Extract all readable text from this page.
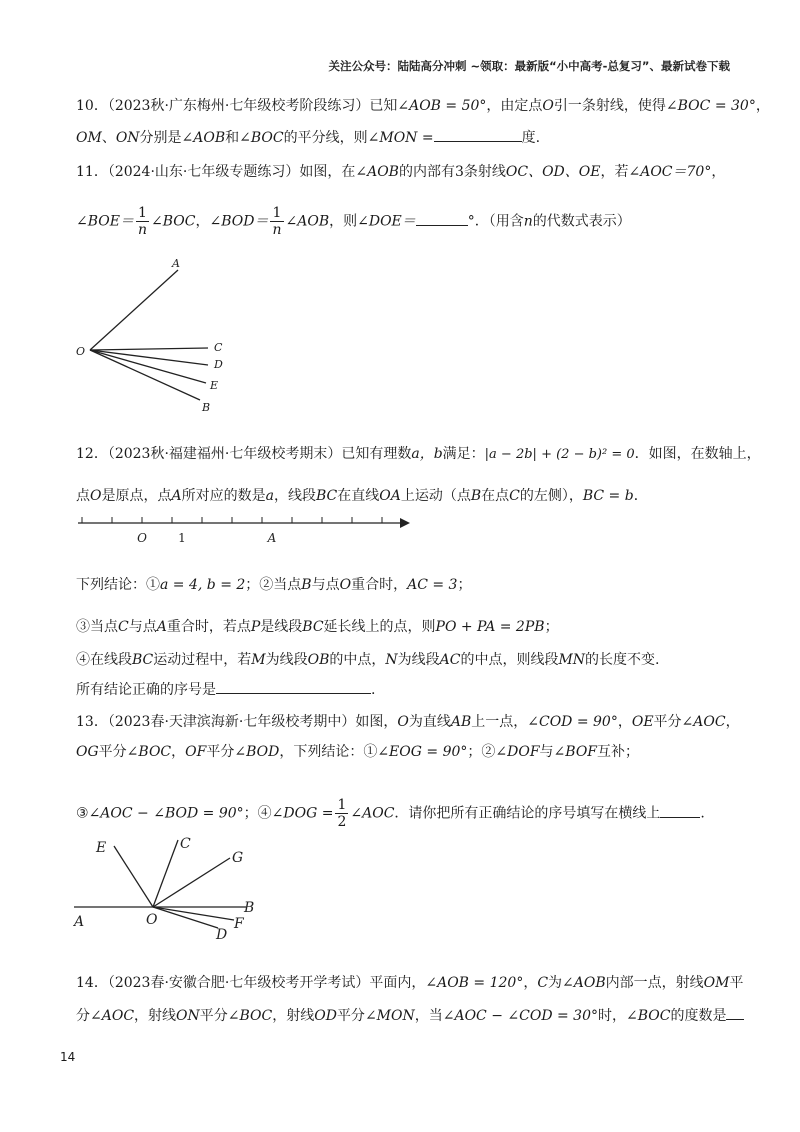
关注公众号：陆陆高分冲刺 ~领取：最新版“小中高考-总复习”、最新试卷下载
10．（2023秋·广东梅州·七年级校考阶段练习）已知∠AOB = 50°，由定点O引一条射线，使得∠BOC = 30°，
OM、ON分别是∠AOB和∠BOC的平分线，则∠MON =	度.
11．（2024·山东·七年级专题练习）如图，在∠AOB的内部有3条射线OC、OD、OE，若∠AOC＝70°，
∠BOE＝ $\frac{1}{n}$ ∠BOC，∠BOD＝ $\frac{1}{n}$ ∠AOB，则∠DOE＝	°．（用含n的代数式表示）
A
O	C
D
E
B
12．（2023秋·福建福州·七年级校考期末）已知有理数a，b满足：|a − 2b| + (2 − b)² = 0．如图，在数轴上，
点O是原点，点A所对应的数是a，线段BC在直线OA上运动（点B在点C的左侧），BC = b．
O	1	A
下列结论：①a = 4, b = 2；②当点B与点O重合时，AC = 3；
③当点C与点A重合时，若点P是线段BC延长线上的点，则PO + PA = 2PB；
④在线段BC运动过程中，若M为线段OB的中点，N为线段AC的中点，则线段MN的长度不变.
所有结论正确的序号是	.
13．（2023春·天津滨海新·七年级校考期中）如图，O为直线AB上一点，∠COD = 90°，OE平分∠AOC，
OG平分∠BOC，OF平分∠BOD，下列结论：①∠EOG = 90°；②∠DOF与∠BOF互补；
③∠AOC − ∠BOD = 90°；④∠DOG = $\frac{1}{2}$ ∠AOC．请你把所有正确结论的序号填写在横线上	.
E	C
G
A	O
B
F
D
14．（2023春·安徽合肥·七年级校考开学考试）平面内，∠AOB = 120°，C为∠AOB内部一点，射线OM平
分∠AOC，射线ON平分∠BOC，射线OD平分∠MON，当∠AOC − ∠COD = 30°时，∠BOC的度数是
14
